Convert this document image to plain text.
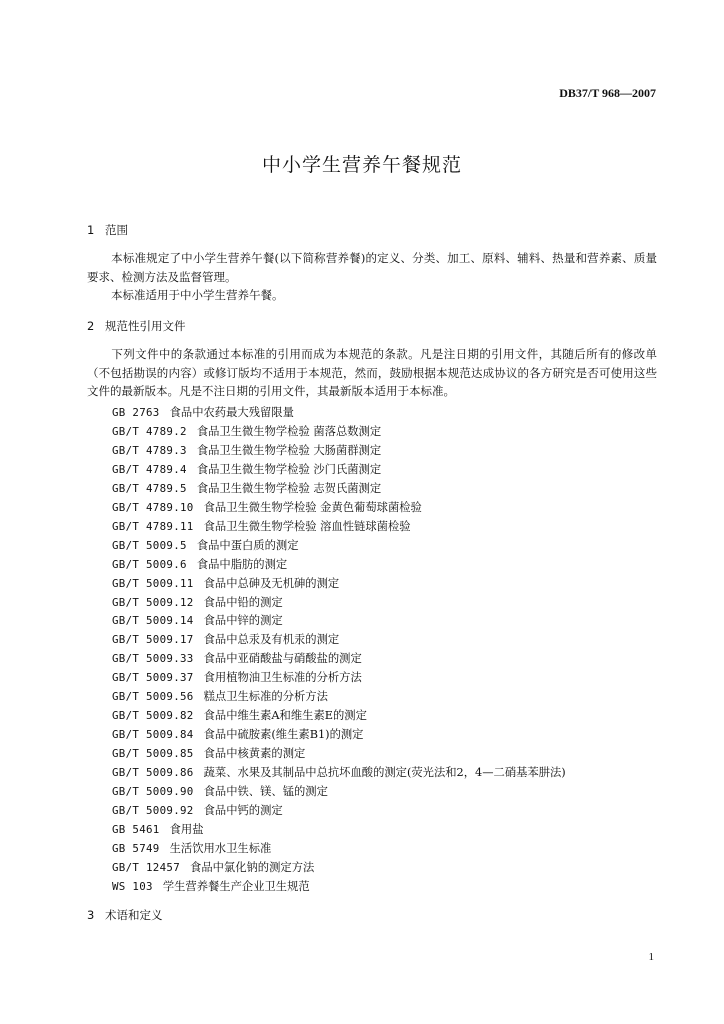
DB37/T 968—2007
中小学生营养午餐规范
1 范围
本标准规定了中小学生营养午餐(以下简称营养餐)的定义、分类、加工、原料、辅料、热量和营养素、质量要求、检测方法及监督管理。
本标准适用于中小学生营养午餐。
2 规范性引用文件
下列文件中的条款通过本标准的引用而成为本规范的条款。凡是注日期的引用文件，其随后所有的修改单（不包括勘误的内容）或修订版均不适用于本规范，然而，鼓励根据本规范达成协议的各方研究是否可使用这些文件的最新版本。凡是不注日期的引用文件，其最新版本适用于本标准。
GB 2763 食品中农药最大残留限量
GB/T 4789.2 食品卫生微生物学检验 菌落总数测定
GB/T 4789.3 食品卫生微生物学检验 大肠菌群测定
GB/T 4789.4 食品卫生微生物学检验 沙门氏菌测定
GB/T 4789.5 食品卫生微生物学检验 志贺氏菌测定
GB/T 4789.10 食品卫生微生物学检验 金黄色葡萄球菌检验
GB/T 4789.11 食品卫生微生物学检验 溶血性链球菌检验
GB/T 5009.5 食品中蛋白质的测定
GB/T 5009.6 食品中脂肪的测定
GB/T 5009.11 食品中总砷及无机砷的测定
GB/T 5009.12 食品中铅的测定
GB/T 5009.14 食品中锌的测定
GB/T 5009.17 食品中总汞及有机汞的测定
GB/T 5009.33 食品中亚硝酸盐与硝酸盐的测定
GB/T 5009.37 食用植物油卫生标准的分析方法
GB/T 5009.56 糕点卫生标准的分析方法
GB/T 5009.82 食品中维生素A和维生素E的测定
GB/T 5009.84 食品中硫胺素(维生素B1)的测定
GB/T 5009.85 食品中核黄素的测定
GB/T 5009.86 蔬菜、水果及其制品中总抗坏血酸的测定(荧光法和2，4—二硝基苯肼法)
GB/T 5009.90 食品中铁、镁、锰的测定
GB/T 5009.92 食品中钙的测定
GB 5461 食用盐
GB 5749 生活饮用水卫生标准
GB/T 12457 食品中氯化钠的测定方法
WS 103 学生营养餐生产企业卫生规范
3 术语和定义
1
